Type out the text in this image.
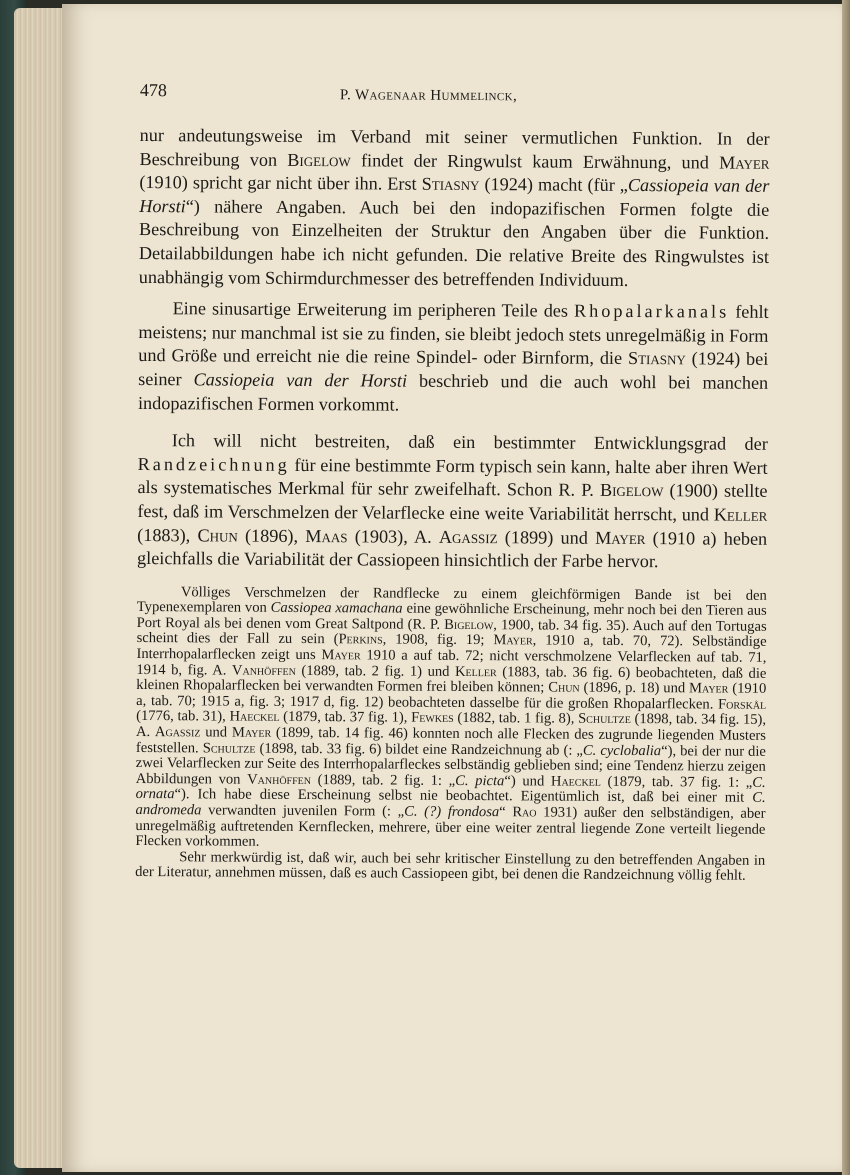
478	P. Wagenaar Hummelinck,

nur andeutungsweise im Verband mit seiner vermutlichen Funktion. In der Beschreibung von Bigelow findet der Ringwulst kaum Erwähnung, und Mayer (1910) spricht gar nicht über ihn. Erst Stiasny (1924) macht (für „Cassiopeia van der Horsti“) nähere Angaben. Auch bei den indopazifischen Formen folgte die Beschreibung von Einzelheiten der Struktur den Angaben über die Funktion. Detailabbildungen habe ich nicht gefunden. Die relative Breite des Ringwulstes ist unabhängig vom Schirmdurchmesser des betreffenden Individuum.

Eine sinusartige Erweiterung im peripheren Teile des Rhopalarkanals fehlt meistens; nur manchmal ist sie zu finden, sie bleibt jedoch stets unregelmäßig in Form und Größe und erreicht nie die reine Spindel- oder Birnform, die Stiasny (1924) bei seiner Cassiopeia van der Horsti beschrieb und die auch wohl bei manchen indopazifischen Formen vorkommt.

Ich will nicht bestreiten, daß ein bestimmter Entwicklungsgrad der Randzeichnung für eine bestimmte Form typisch sein kann, halte aber ihren Wert als systematisches Merkmal für sehr zweifelhaft. Schon R. P. Bigelow (1900) stellte fest, daß im Verschmelzen der Velarflecke eine weite Variabilität herrscht, und Keller (1883), Chun (1896), Maas (1903), A. Agassiz (1899) und Mayer (1910 a) heben gleichfalls die Variabilität der Cassiopeen hinsichtlich der Farbe hervor.

Völliges Verschmelzen der Randflecke zu einem gleichförmigen Bande ist bei den Typenexemplaren von Cassiopea xamachana eine gewöhnliche Erscheinung, mehr noch bei den Tieren aus Port Royal als bei denen vom Great Saltpond (R. P. Bigelow, 1900, tab. 34 fig. 35). Auch auf den Tortugas scheint dies der Fall zu sein (Perkins, 1908, fig. 19; Mayer, 1910 a, tab. 70, 72). Selbständige Interrhopalarflecken zeigt uns Mayer 1910 a auf tab. 72; nicht verschmolzene Velarflecken auf tab. 71, 1914 b, fig. A. Vanhöffen (1889, tab. 2 fig. 1) und Keller (1883, tab. 36 fig. 6) beobachteten, daß die kleinen Rhopalarflecken bei verwandten Formen frei bleiben können; Chun (1896, p. 18) und Mayer (1910 a, tab. 70; 1915 a, fig. 3; 1917 d, fig. 12) beobachteten dasselbe für die großen Rhopalarflecken. Forskål (1776, tab. 31), Haeckel (1879, tab. 37 fig. 1), Fewkes (1882, tab. 1 fig. 8), Schultze (1898, tab. 34 fig. 15), A. Agassiz und Mayer (1899, tab. 14 fig. 46) konnten noch alle Flecken des zugrunde liegenden Musters feststellen. Schultze (1898, tab. 33 fig. 6) bildet eine Randzeichnung ab (: „C. cyclobalia“), bei der nur die zwei Velarflecken zur Seite des Interrhopalarfleckes selbständig geblieben sind; eine Tendenz hierzu zeigen Abbildungen von Vanhöffen (1889, tab. 2 fig. 1: „C. picta“) und Haeckel (1879, tab. 37 fig. 1: „C. ornata“). Ich habe diese Erscheinung selbst nie beobachtet. Eigentümlich ist, daß bei einer mit C. andromeda verwandten juvenilen Form (: „C. (?) frondosa“ Rao 1931) außer den selbständigen, aber unregelmäßig auftretenden Kernflecken, mehrere, über eine weiter zentral liegende Zone verteilt liegende Flecken vorkommen.

Sehr merkwürdig ist, daß wir, auch bei sehr kritischer Einstellung zu den betreffenden Angaben in der Literatur, annehmen müssen, daß es auch Cassiopeen gibt, bei denen die Randzeichnung völlig fehlt.
